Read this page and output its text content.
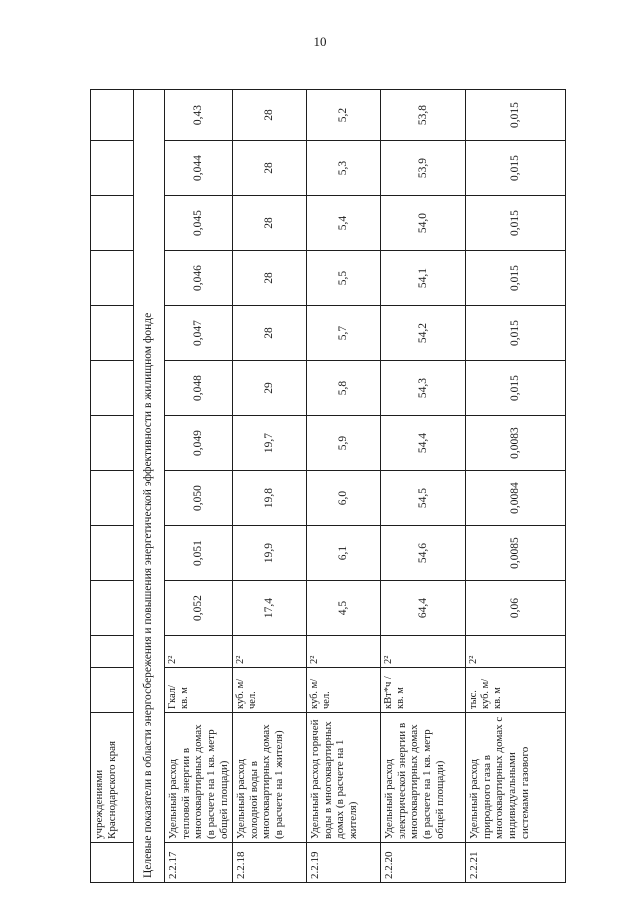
10
	учреждениями Краснодарского края												
Целевые показатели в области энергосбережения и повышения энергетической эффективности в жилищном фонде													
2.2.17	Удельный расход тепловой энергии в многоквартирных домах (в расчете на 1 кв. метр общей площади)	Гкал/ кв. м	2²	0,052	0,051	0,050	0,049	0,048	0,047	0,046	0,045	0,044	0,43
2.2.18	Удельный расход холодной воды в многоквартирных домах (в расчете на 1 жителя)	куб. м/чел.	2²	17,4	19,9	19,8	19,7	29	28	28	28	28	28
2.2.19	Удельный расход горячей воды в многоквартирных домах (в расчете на 1 жителя)	куб. м/ чел.	2²	4,5	6,1	6,0	5,9	5,8	5,7	5,5	5,4	5,3	5,2
2.2.20	Удельный расход электрической энергии в многоквартирных домах (в расчете на 1 кв. метр общей площади)	кВт*ч /кв. м	2²	64,4	54,6	54,5	54,4	54,3	54,2	54,1	54,0	53,9	53,8
2.2.21	Удельный расход природного газа в многоквартирных домах с индивидуальными системами газового	тыс. куб. м/кв. м	2²	0,06	0,0085	0,0084	0,0083	0,015	0,015	0,015	0,015	0,015	0,015
